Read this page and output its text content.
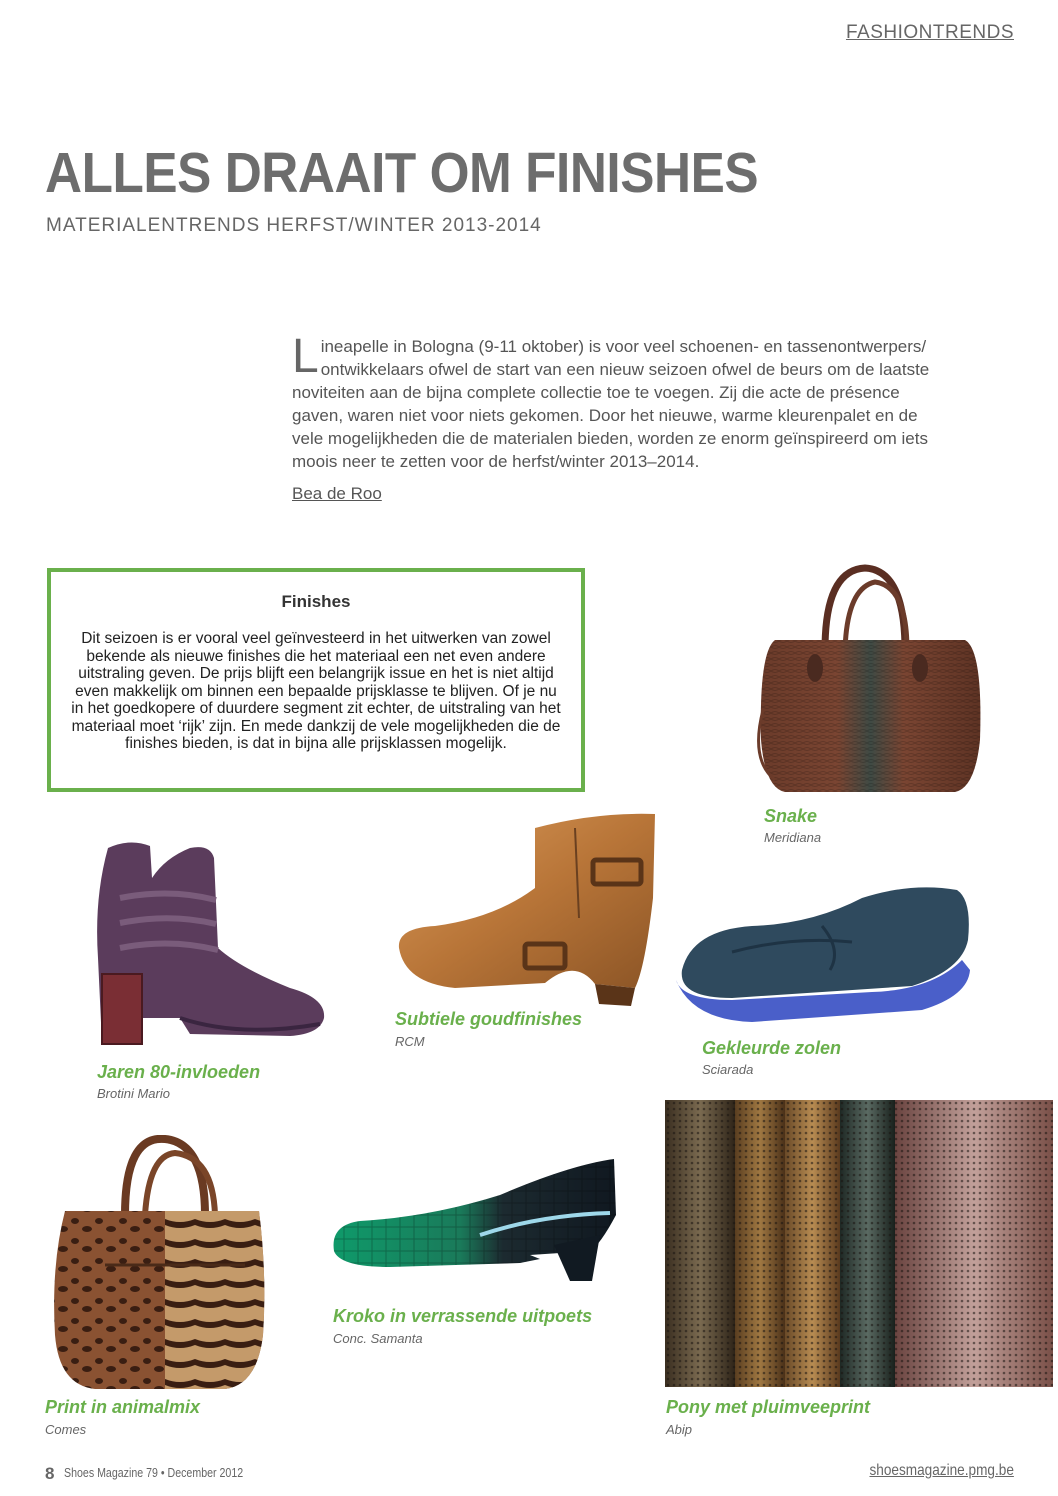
FASHIONTRENDS
ALLES DRAAIT OM FINISHES
MATERIALENTRENDS HERFST/WINTER 2013-2014
Lineapelle in Bologna (9-11 oktober) is voor veel schoenen- en tassenontwerpers/ ontwikkelaars ofwel de start van een nieuw seizoen ofwel de beurs om de laatste noviteiten aan de bijna complete collectie toe te voegen. Zij die acte de présence gaven, waren niet voor niets gekomen. Door het nieuwe, warme kleurenpalet en de vele mogelijkheden die de materialen bieden, worden ze enorm geïnspireerd om iets moois neer te zetten voor de herfst/winter 2013–2014.
Bea de Roo
Finishes

Dit seizoen is er vooral veel geïnvesteerd in het uitwerken van zowel bekende als nieuwe finishes die het materiaal een net even andere uitstraling geven. De prijs blijft een belangrijk issue en het is niet altijd even makkelijk om binnen een bepaalde prijsklasse te blijven. Of je nu in het goedkopere of duurdere segment zit echter, de uitstraling van het materiaal moet ‘rijk’ zijn. En mede dankzij de vele mogelijkheden die de finishes bieden, is dat in bijna alle prijsklassen mogelijk.

Snake
Meridiana
Jaren 80-invloeden
Brotini Mario
Subtiele goudfinishes
RCM	Gekleurde zolen
Sciarada
Print in animalmix
Comes
Kroko in verrassende uitpoets
Conc. Samanta
Pony met pluimveeprint
Abip
8 Shoes Magazine 79 • December 2012	shoesmagazine.pmg.be
